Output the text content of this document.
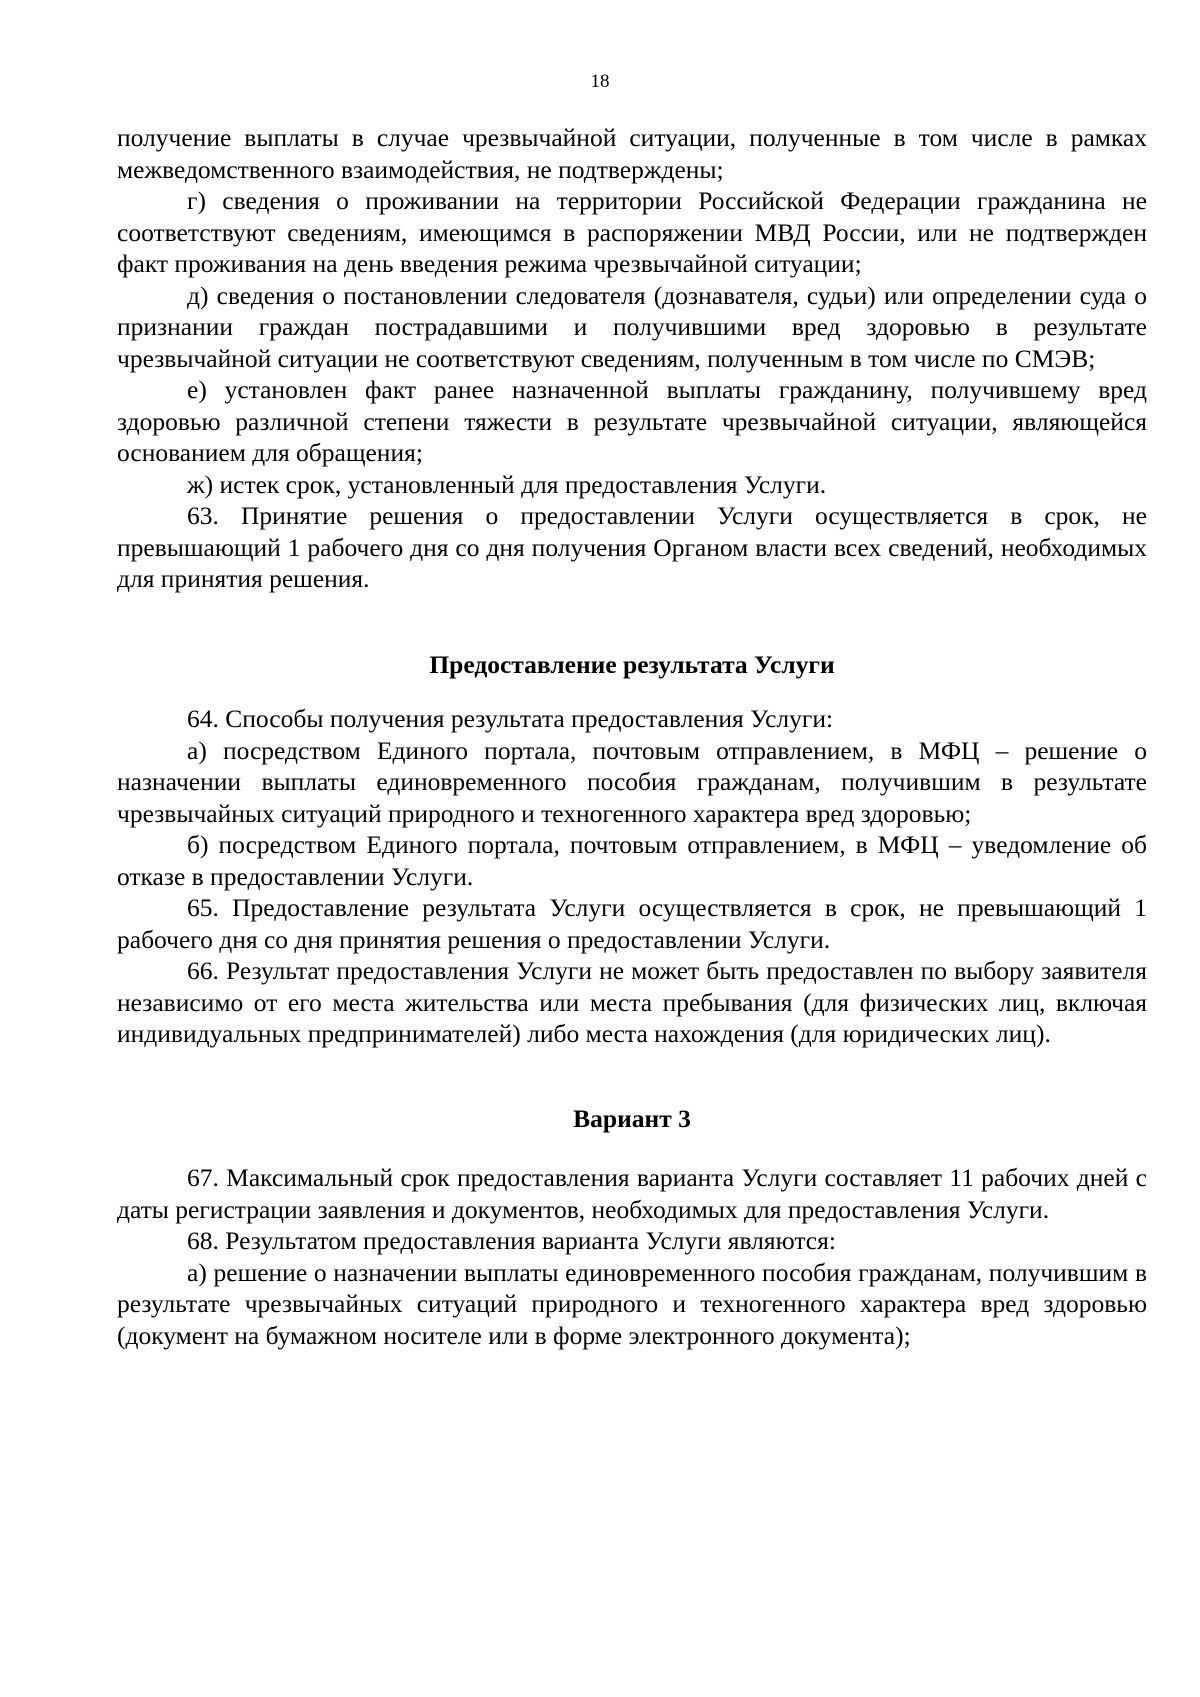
18

получение выплаты в случае чрезвычайной ситуации, полученные в том числе в рамках межведомственного взаимодействия, не подтверждены;

г) сведения о проживании на территории Российской Федерации гражданина не соответствуют сведениям, имеющимся в распоряжении МВД России, или не подтвержден факт проживания на день введения режима чрезвычайной ситуации;

д) сведения о постановлении следователя (дознавателя, судьи) или определении суда о признании граждан пострадавшими и получившими вред здоровью в результате чрезвычайной ситуации не соответствуют сведениям, полученным в том числе по СМЭВ;

е) установлен факт ранее назначенной выплаты гражданину, получившему вред здоровью различной степени тяжести в результате чрезвычайной ситуации, являющейся основанием для обращения;

ж) истек срок, установленный для предоставления Услуги.

63. Принятие решения о предоставлении Услуги осуществляется в срок, не превышающий 1 рабочего дня со дня получения Органом власти всех сведений, необходимых для принятия решения.

Предоставление результата Услуги

64. Способы получения результата предоставления Услуги:

а) посредством Единого портала, почтовым отправлением, в МФЦ – решение о назначении выплаты единовременного пособия гражданам, получившим в результате чрезвычайных ситуаций природного и техногенного характера вред здоровью;

б) посредством Единого портала, почтовым отправлением, в МФЦ – уведомление об отказе в предоставлении Услуги.

65. Предоставление результата Услуги осуществляется в срок, не превышающий 1 рабочего дня со дня принятия решения о предоставлении Услуги.

66. Результат предоставления Услуги не может быть предоставлен по выбору заявителя независимо от его места жительства или места пребывания (для физических лиц, включая индивидуальных предпринимателей) либо места нахождения (для юридических лиц).

Вариант 3

67. Максимальный срок предоставления варианта Услуги составляет 11 рабочих дней с даты регистрации заявления и документов, необходимых для предоставления Услуги.

68. Результатом предоставления варианта Услуги являются:

а) решение о назначении выплаты единовременного пособия гражданам, получившим в результате чрезвычайных ситуаций природного и техногенного характера вред здоровью (документ на бумажном носителе или в форме электронного документа);
